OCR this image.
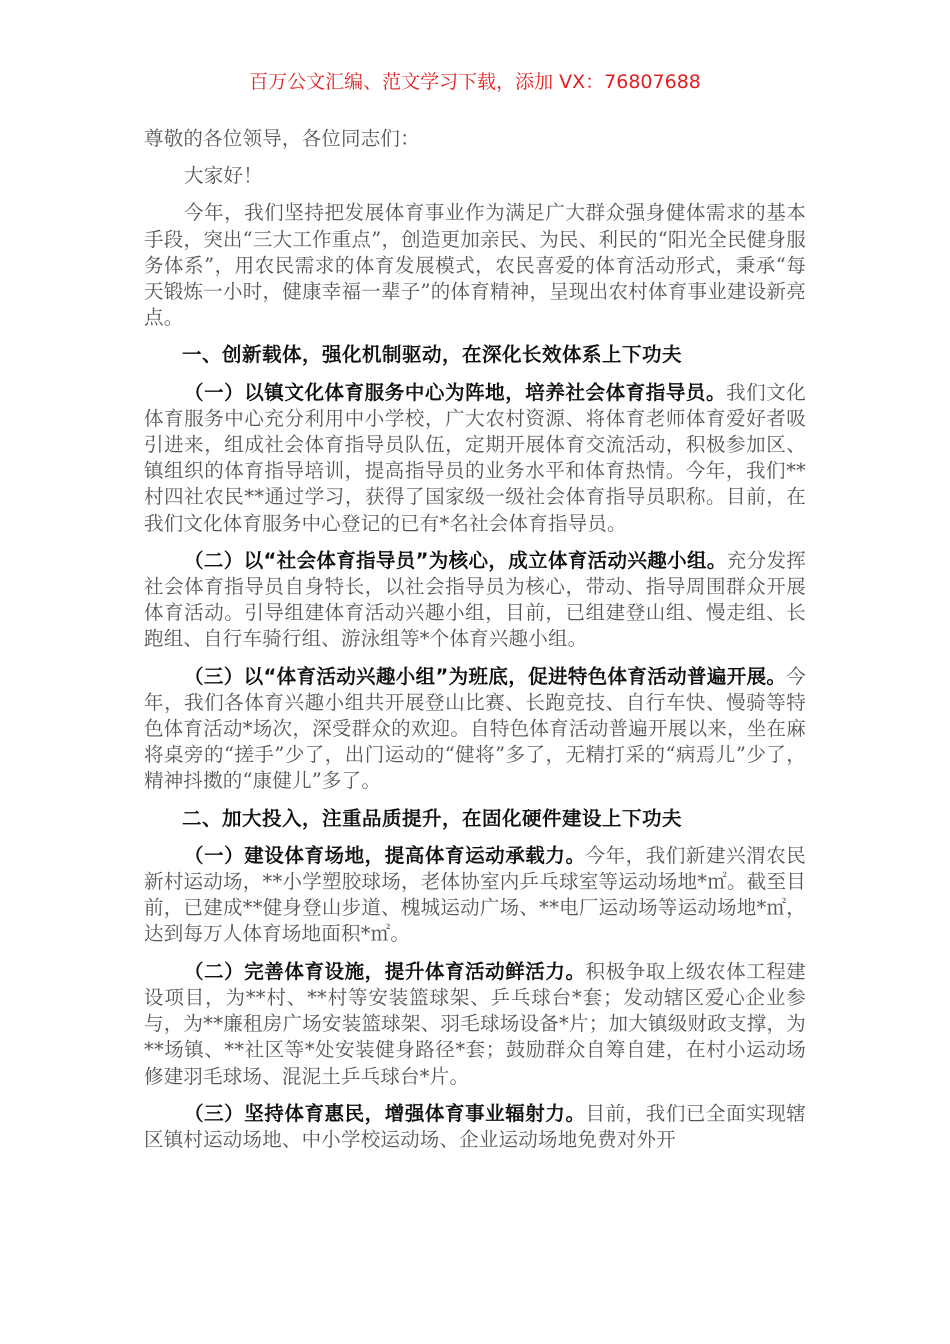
百万公文汇编、范文学习下载，添加 VX：76807688

尊敬的各位领导，各位同志们：

大家好！

今年，我们坚持把发展体育事业作为满足广大群众强身健体需求的基本手段，突出“三大工作重点”，创造更加亲民、为民、利民的“阳光全民健身服务体系”，用农民需求的体育发展模式，农民喜爱的体育活动形式，秉承“每天锻炼一小时，健康幸福一辈子”的体育精神，呈现出农村体育事业建设新亮点。

一、创新载体，强化机制驱动，在深化长效体系上下功夫

（一）以镇文化体育服务中心为阵地，培养社会体育指导员。我们文化体育服务中心充分利用中小学校，广大农村资源、将体育老师体育爱好者吸引进来，组成社会体育指导员队伍，定期开展体育交流活动，积极参加区、镇组织的体育指导培训，提高指导员的业务水平和体育热情。今年，我们**村四社农民**通过学习，获得了国家级一级社会体育指导员职称。目前，在我们文化体育服务中心登记的已有*名社会体育指导员。

（二）以“社会体育指导员”为核心，成立体育活动兴趣小组。充分发挥社会体育指导员自身特长，以社会指导员为核心，带动、指导周围群众开展体育活动。引导组建体育活动兴趣小组，目前，已组建登山组、慢走组、长跑组、自行车骑行组、游泳组等*个体育兴趣小组。

（三）以“体育活动兴趣小组”为班底，促进特色体育活动普遍开展。今年，我们各体育兴趣小组共开展登山比赛、长跑竞技、自行车快、慢骑等特色体育活动*场次，深受群众的欢迎。自特色体育活动普遍开展以来，坐在麻将桌旁的“搓手”少了，出门运动的“健将”多了，无精打采的“病焉儿”少了，精神抖擞的“康健儿”多了。

二、加大投入，注重品质提升，在固化硬件建设上下功夫

（一）建设体育场地，提高体育运动承载力。今年，我们新建兴渭农民新村运动场，**小学塑胶球场，老体协室内乒乓球室等运动场地*㎡。截至目前，已建成**健身登山步道、槐城运动广场、**电厂运动场等运动场地*㎡，达到每万人体育场地面积*㎡。

（二）完善体育设施，提升体育活动鲜活力。积极争取上级农体工程建设项目，为**村、**村等安装篮球架、乒乓球台*套；发动辖区爱心企业参与，为**廉租房广场安装篮球架、羽毛球场设备*片；加大镇级财政支撑，为**场镇、**社区等*处安装健身路径*套；鼓励群众自筹自建，在村小运动场修建羽毛球场、混泥土乒乓球台*片。

（三）坚持体育惠民，增强体育事业辐射力。目前，我们已全面实现辖区镇村运动场地、中小学校运动场、企业运动场地免费对外开
